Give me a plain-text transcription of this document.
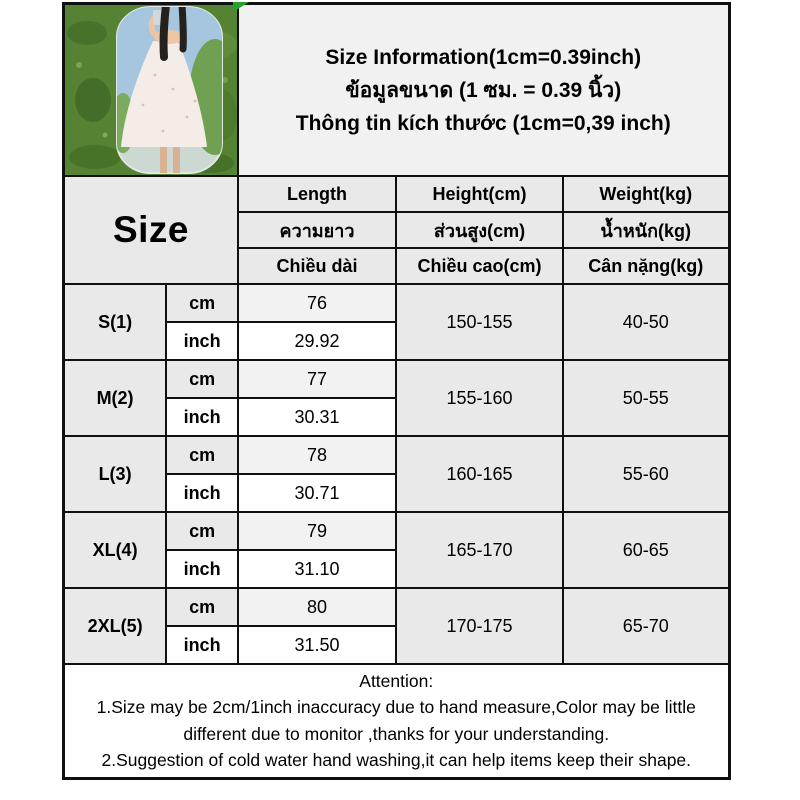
Size Information(1cm=0.39inch)
ข้อมูลขนาด (1 ซม. = 0.39 นิ้ว)
Thông tin kích thước (1cm=0,39 inch)		

Size		Length	Height(cm)	Weight(kg)
		ความยาว	ส่วนสูง(cm)	น้ำหนัก(kg)
		Chiều dài	Chiều cao(cm)	Cân nặng(kg)
S(1)	cm	76	150-155	40-50
	inch	29.92		
M(2)	cm	77	155-160	50-55
	inch	30.31		
L(3)	cm	78	160-165	55-60
	inch	30.71		
XL(4)	cm	79	165-170	60-65
	inch	31.10		
2XL(5)	cm	80	170-175	65-70
	inch	31.50		

Attention:
1.Size may be 2cm/1inch inaccuracy due to hand measure,Color may be little different due to monitor ,thanks for your understanding.
2.Suggestion of cold water hand washing,it can help items keep their shape.				
